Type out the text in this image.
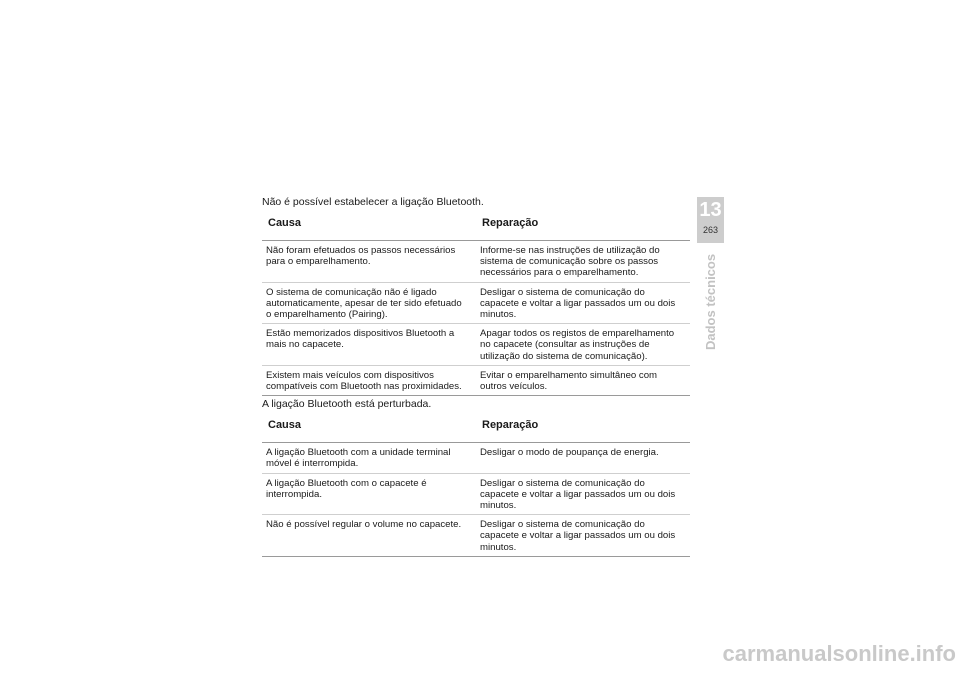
Não é possível estabelecer a ligação Bluetooth.
Causa	Reparação
Não foram efetuados os passos necessários para o emparelhamento.	Informe-se nas instruções de utilização do sistema de comunicação sobre os passos necessários para o emparelhamento.
O sistema de comunicação não é ligado automaticamente, apesar de ter sido efetuado o emparelhamento (Pairing).	Desligar o sistema de comunicação do capacete e voltar a ligar passados um ou dois minutos.
Estão memorizados dispositivos Bluetooth a mais no capacete.	Apagar todos os registos de emparelhamento no capacete (consultar as instruções de utilização do sistema de comunicação).
Existem mais veículos com dispositivos compatíveis com Bluetooth nas proximidades.	Evitar o emparelhamento simultâneo com outros veículos.
A ligação Bluetooth está perturbada.
Causa	Reparação
A ligação Bluetooth com a unidade terminal móvel é interrompida.	Desligar o modo de poupança de energia.
A ligação Bluetooth com o capacete é interrompida.	Desligar o sistema de comunicação do capacete e voltar a ligar passados um ou dois minutos.
Não é possível regular o volume no capacete.	Desligar o sistema de comunicação do capacete e voltar a ligar passados um ou dois minutos.
13
263
Dados técnicos
carmanualsonline.info
